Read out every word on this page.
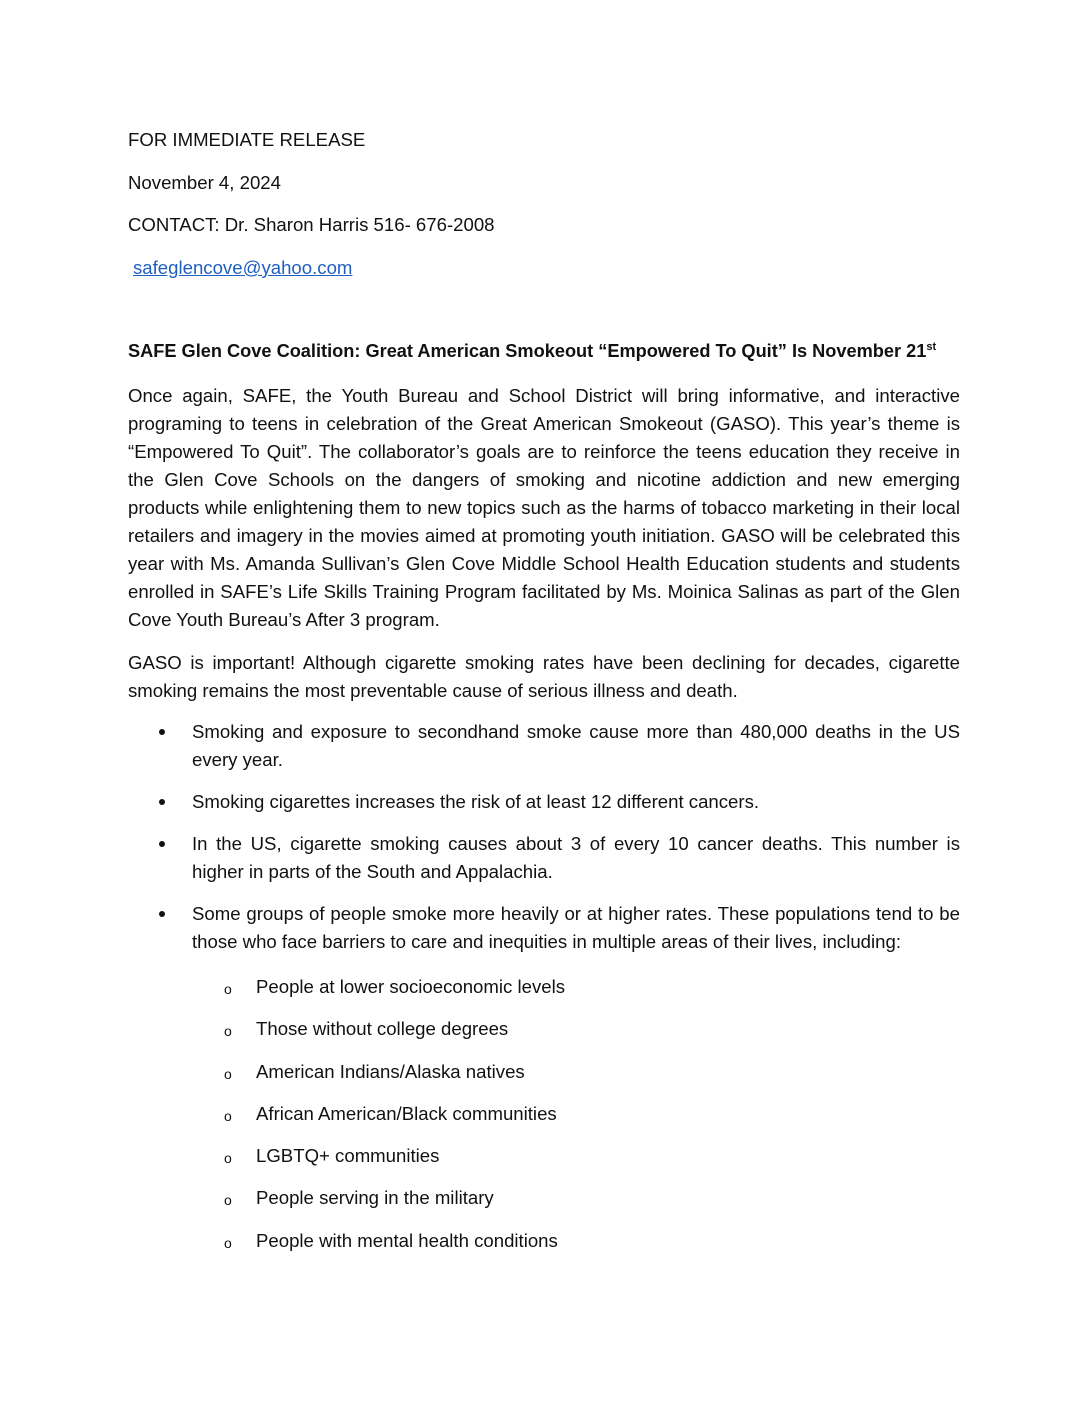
FOR IMMEDIATE RELEASE

November 4, 2024

CONTACT: Dr. Sharon Harris 516- 676-2008

safeglencove@yahoo.com

SAFE Glen Cove Coalition: Great American Smokeout “Empowered To Quit” Is November 21st

Once again, SAFE, the Youth Bureau and School District will bring informative, and interactive programing to teens in celebration of the Great American Smokeout (GASO). This year’s theme is “Empowered To Quit”. The collaborator’s goals are to reinforce the teens education they receive in the Glen Cove Schools on the dangers of smoking and nicotine addiction and new emerging products while enlightening them to new topics such as the harms of tobacco marketing in their local retailers and imagery in the movies aimed at promoting youth initiation. GASO will be celebrated this year with Ms. Amanda Sullivan’s Glen Cove Middle School Health Education students and students enrolled in SAFE’s Life Skills Training Program facilitated by Ms. Moinica Salinas as part of the Glen Cove Youth Bureau’s After 3 program.

GASO is important! Although cigarette smoking rates have been declining for decades, cigarette smoking remains the most preventable cause of serious illness and death.

Smoking and exposure to secondhand smoke cause more than 480,000 deaths in the US every year.
Smoking cigarettes increases the risk of at least 12 different cancers.
In the US, cigarette smoking causes about 3 of every 10 cancer deaths. This number is higher in parts of the South and Appalachia.
Some groups of people smoke more heavily or at higher rates. These populations tend to be those who face barriers to care and inequities in multiple areas of their lives, including:
o People at lower socioeconomic levels
o Those without college degrees
o American Indians/Alaska natives
o African American/Black communities
o LGBTQ+ communities
o People serving in the military
o People with mental health conditions
